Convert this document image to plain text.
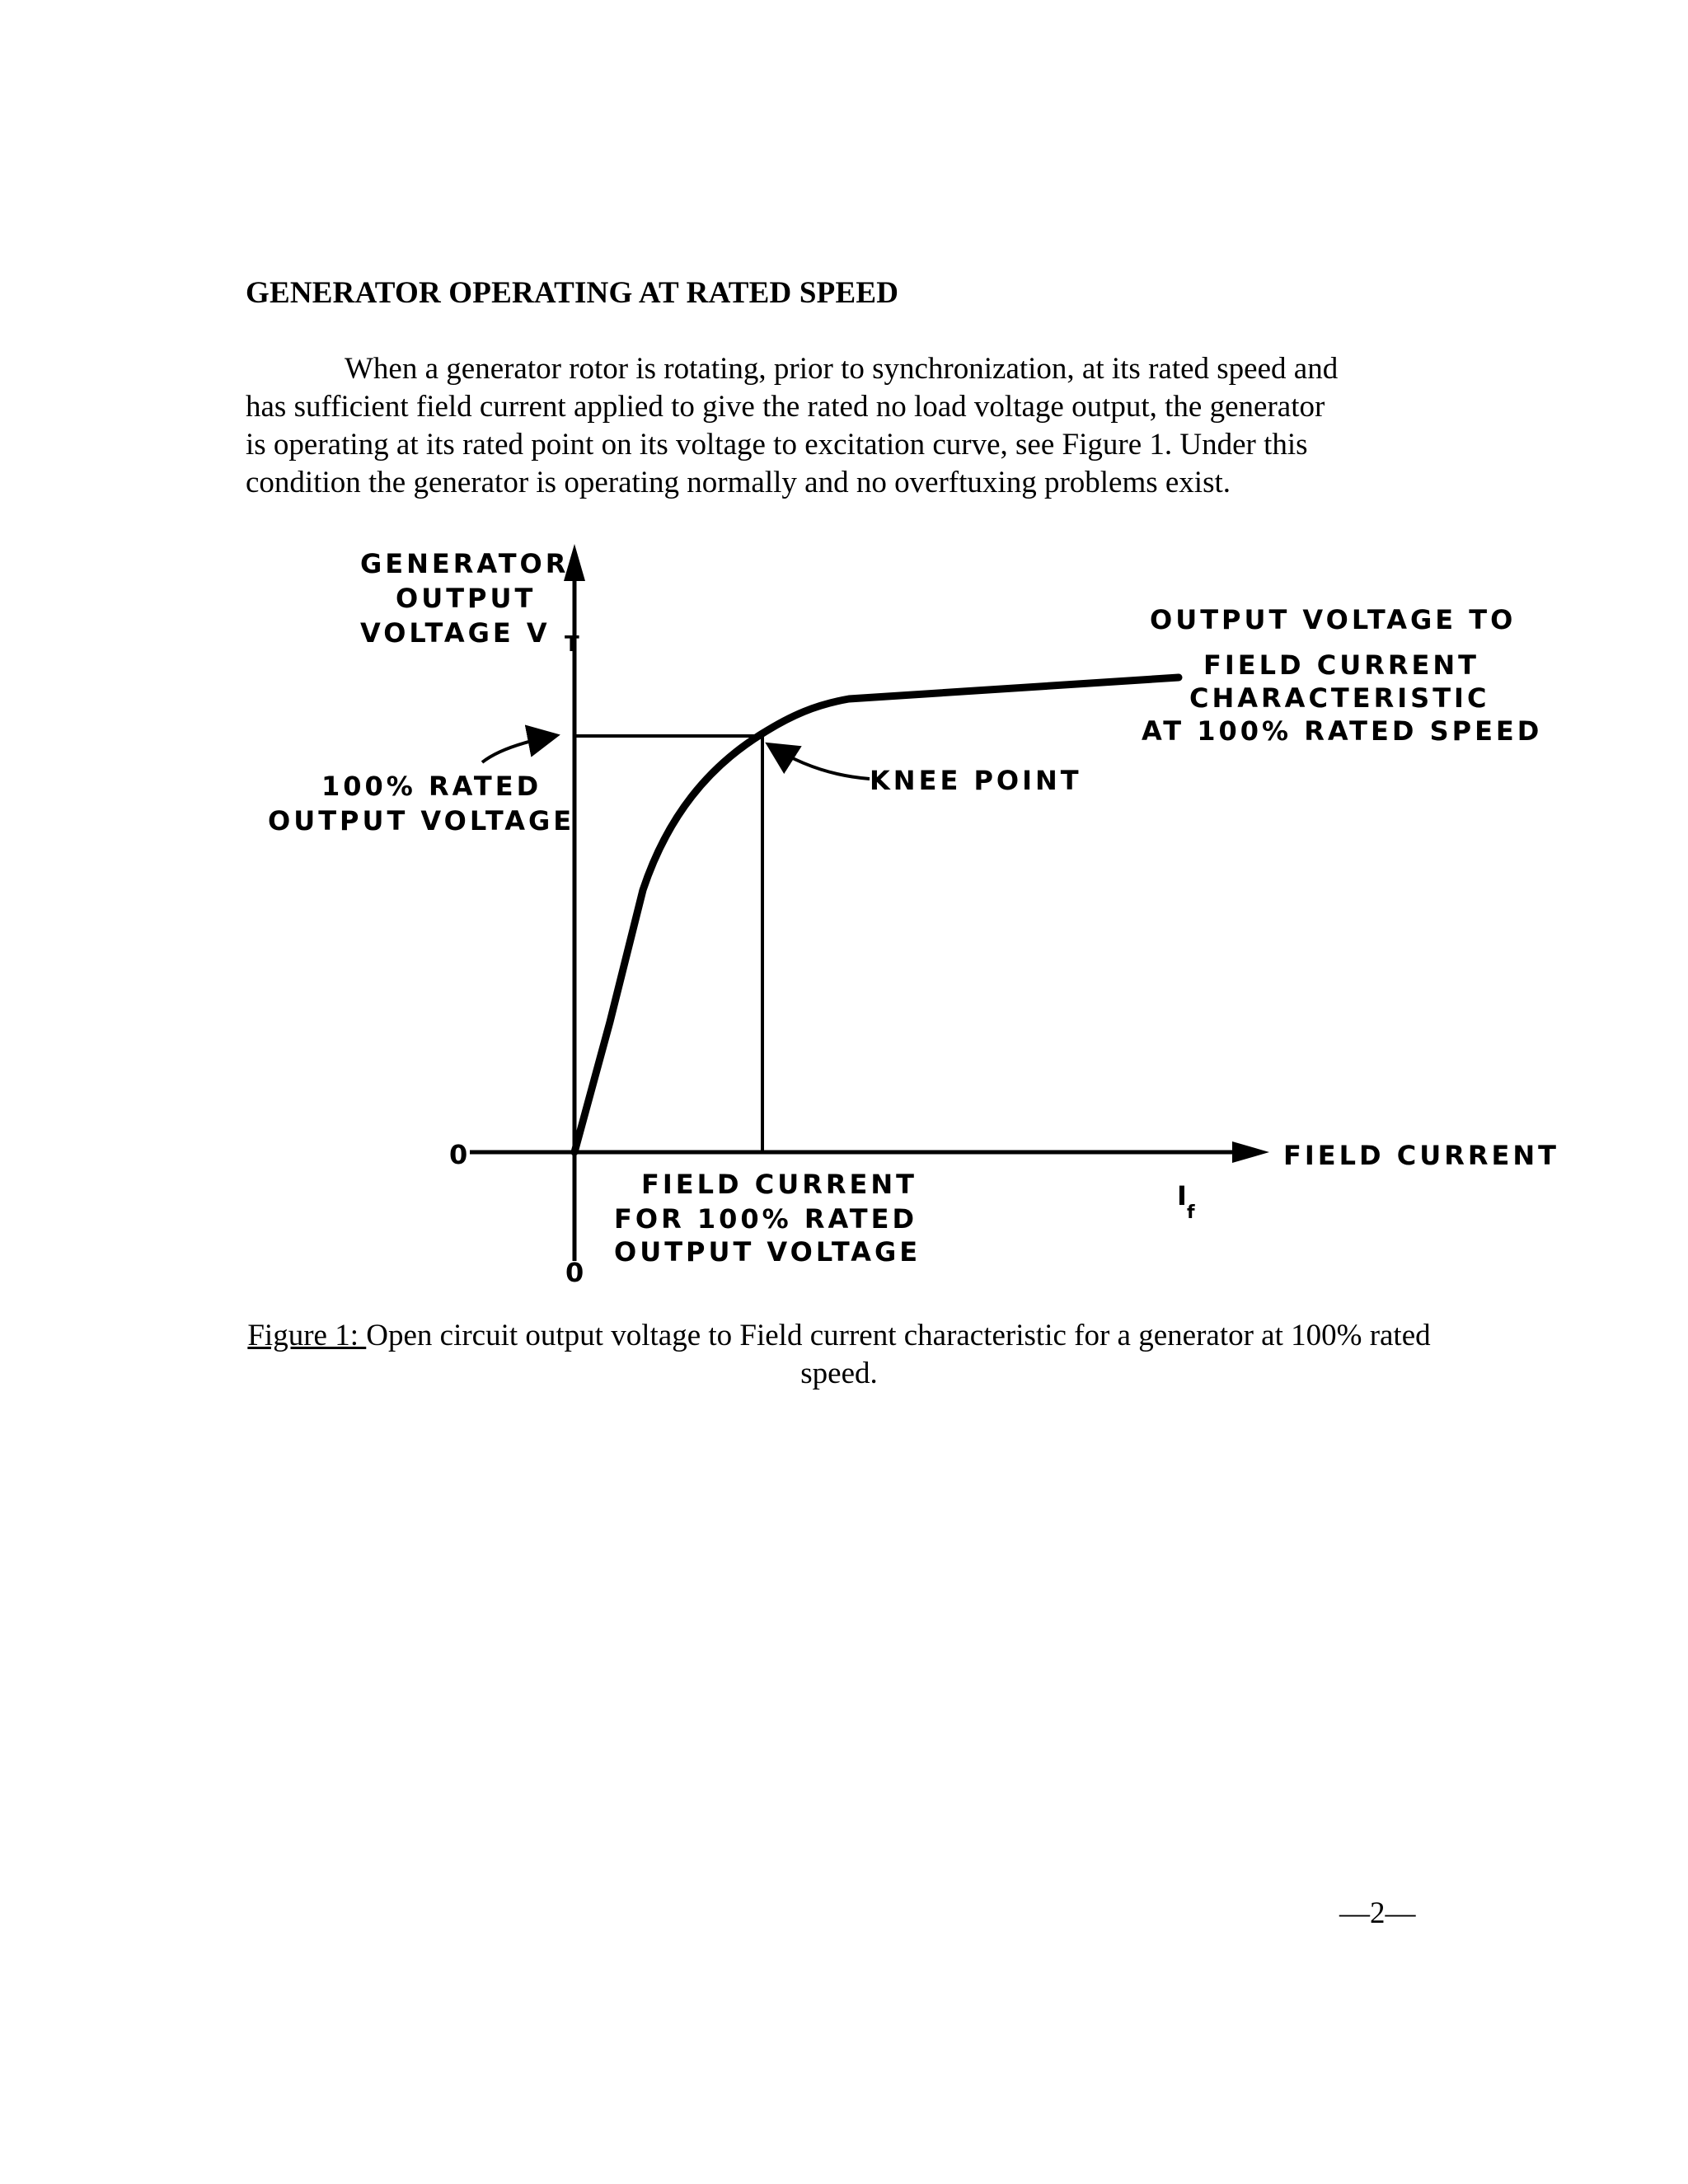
GENERATOR OPERATING AT RATED SPEED
When a generator rotor is rotating, prior to synchronization, at its rated speed and
has sufficient field current applied to give the rated no load voltage output, the generator
is operating at its rated point on its voltage to excitation curve, see Figure 1. Under this
condition the generator is operating normally and no overftuxing problems exist.
GENERATOR
OUTPUT
VOLTAGE V T
100% RATED
OUTPUT VOLTAGE
KNEE POINT
OUTPUT VOLTAGE TO
FIELD CURRENT
CHARACTERISTIC
AT 100% RATED SPEED
0
0
FIELD CURRENT
I
f
FIELD CURRENT
FOR 100% RATED
OUTPUT VOLTAGE
Figure 1: Open circuit output voltage to Field current characteristic for a generator at 100% rated speed.
—2—
